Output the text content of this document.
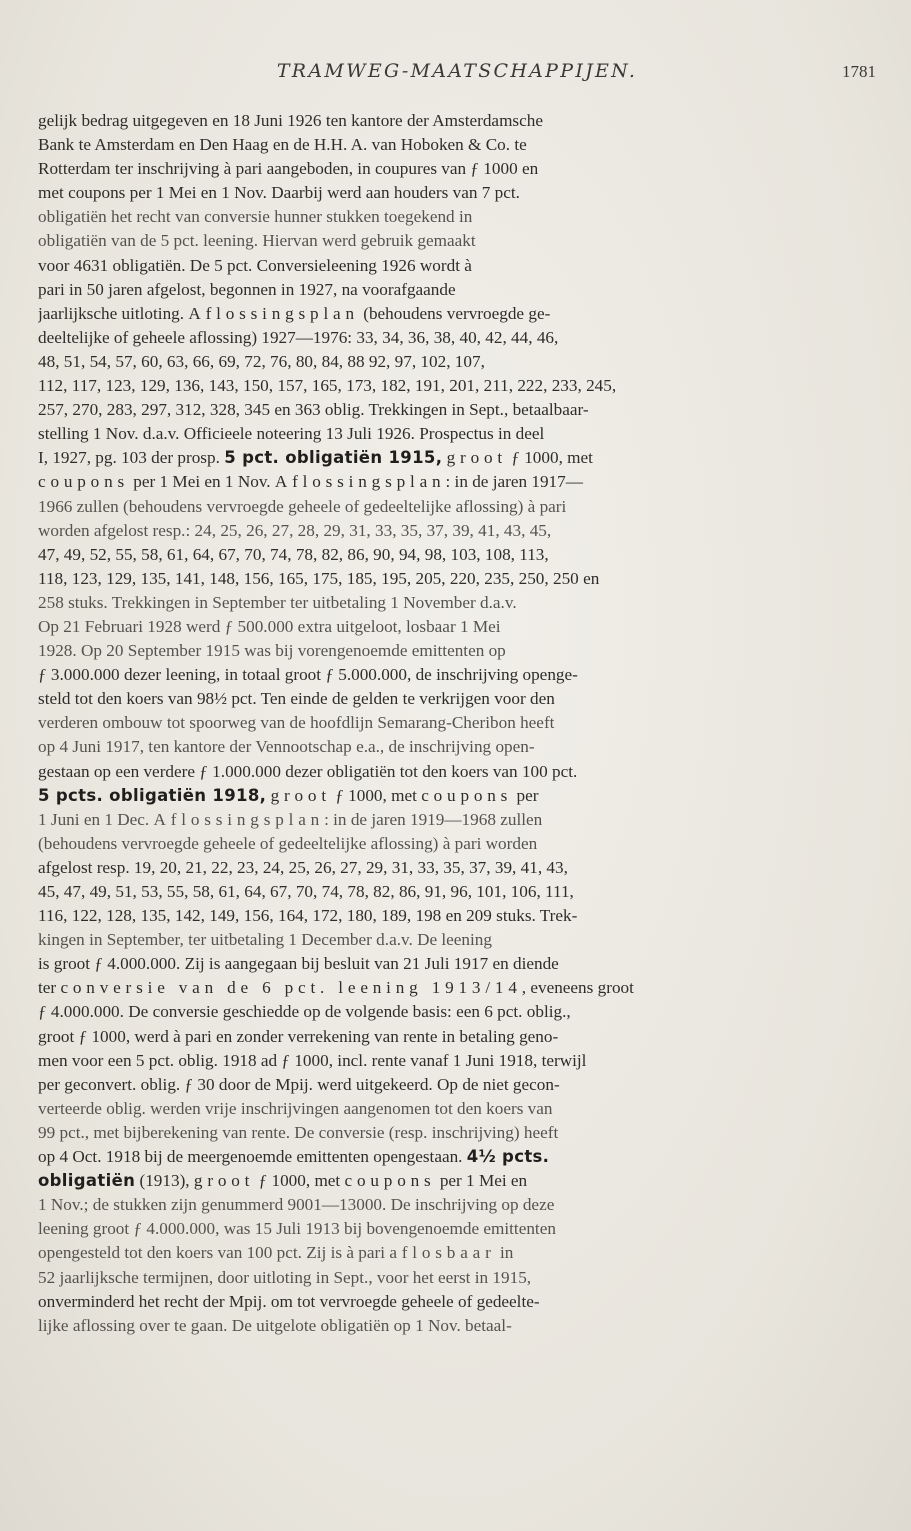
TRAMWEG-MAATSCHAPPIJEN.	1781
gelijk bedrag uitgegeven en 18 Juni 1926 ten kantore der Amsterdamsche
Bank te Amsterdam en Den Haag en de H.H. A. van Hoboken & Co. te
Rotterdam ter inschrijving à pari aangeboden, in coupures van ƒ 1000 en
met coupons per 1 Mei en 1 Nov. Daarbij werd aan houders van 7 pct.
obligatiën het recht van conversie hunner stukken toegekend in
obligatiën van de 5 pct. leening. Hiervan werd gebruik gemaakt
voor 4631 obligatiën. De 5 pct. Conversieleening 1926 wordt à
pari in 50 jaren afgelost, begonnen in 1927, na voorafgaande
jaarlijksche uitloting. Aflossingsplan (behoudens vervroegde ge-
deeltelijke of geheele aflossing) 1927—1976: 33, 34, 36, 38, 40, 42, 44, 46,
48, 51, 54, 57, 60, 63, 66, 69, 72, 76, 80, 84, 88 92, 97, 102, 107,
112, 117, 123, 129, 136, 143, 150, 157, 165, 173, 182, 191, 201, 211, 222, 233, 245,
257, 270, 283, 297, 312, 328, 345 en 363 oblig. Trekkingen in Sept., betaalbaar-
stelling 1 Nov. d.a.v. Officieele noteering 13 Juli 1926. Prospectus in deel
I, 1927, pg. 103 der prosp. 5 pct. obligatiën 1915, groot ƒ 1000, met
coupons per 1 Mei en 1 Nov. Aflossingsplan: in de jaren 1917—
1966 zullen (behoudens vervroegde geheele of gedeeltelijke aflossing) à pari
worden afgelost resp.: 24, 25, 26, 27, 28, 29, 31, 33, 35, 37, 39, 41, 43, 45,
47, 49, 52, 55, 58, 61, 64, 67, 70, 74, 78, 82, 86, 90, 94, 98, 103, 108, 113,
118, 123, 129, 135, 141, 148, 156, 165, 175, 185, 195, 205, 220, 235, 250, 250 en
258 stuks. Trekkingen in September ter uitbetaling 1 November d.a.v.
Op 21 Februari 1928 werd ƒ 500.000 extra uitgeloot, losbaar 1 Mei
1928. Op 20 September 1915 was bij vorengenoemde emittenten op
ƒ 3.000.000 dezer leening, in totaal groot ƒ 5.000.000, de inschrijving openge-
steld tot den koers van 98½ pct. Ten einde de gelden te verkrijgen voor den
verderen ombouw tot spoorweg van de hoofdlijn Semarang-Cheribon heeft
op 4 Juni 1917, ten kantore der Vennootschap e.a., de inschrijving open-
gestaan op een verdere ƒ 1.000.000 dezer obligatiën tot den koers van 100 pct.
5 pcts. obligatiën 1918, groot ƒ 1000, met coupons per
1 Juni en 1 Dec. Aflossingsplan: in de jaren 1919—1968 zullen
(behoudens vervroegde geheele of gedeeltelijke aflossing) à pari worden
afgelost resp. 19, 20, 21, 22, 23, 24, 25, 26, 27, 29, 31, 33, 35, 37, 39, 41, 43,
45, 47, 49, 51, 53, 55, 58, 61, 64, 67, 70, 74, 78, 82, 86, 91, 96, 101, 106, 111,
116, 122, 128, 135, 142, 149, 156, 164, 172, 180, 189, 198 en 209 stuks. Trek-
kingen in September, ter uitbetaling 1 December d.a.v. De leening
is groot ƒ 4.000.000. Zij is aangegaan bij besluit van 21 Juli 1917 en diende
ter conversie van de 6 pct. leening 1913/14, eveneens groot
ƒ 4.000.000. De conversie geschiedde op de volgende basis: een 6 pct. oblig.,
groot ƒ 1000, werd à pari en zonder verrekening van rente in betaling geno-
men voor een 5 pct. oblig. 1918 ad ƒ 1000, incl. rente vanaf 1 Juni 1918, terwijl
per geconvert. oblig. ƒ 30 door de Mpij. werd uitgekeerd. Op de niet gecon-
verteerde oblig. werden vrije inschrijvingen aangenomen tot den koers van
99 pct., met bijberekening van rente. De conversie (resp. inschrijving) heeft
op 4 Oct. 1918 bij de meergenoemde emittenten opengestaan. 4½ pcts.
obligatiën (1913), groot ƒ 1000, met coupons per 1 Mei en
1 Nov.; de stukken zijn genummerd 9001—13000. De inschrijving op deze
leening groot ƒ 4.000.000, was 15 Juli 1913 bij bovengenoemde emittenten
opengesteld tot den koers van 100 pct. Zij is à pari aflosbaar in
52 jaarlijksche termijnen, door uitloting in Sept., voor het eerst in 1915,
onverminderd het recht der Mpij. om tot vervroegde geheele of gedeelte-
lijke aflossing over te gaan. De uitgelote obligatiën op 1 Nov. betaal-
